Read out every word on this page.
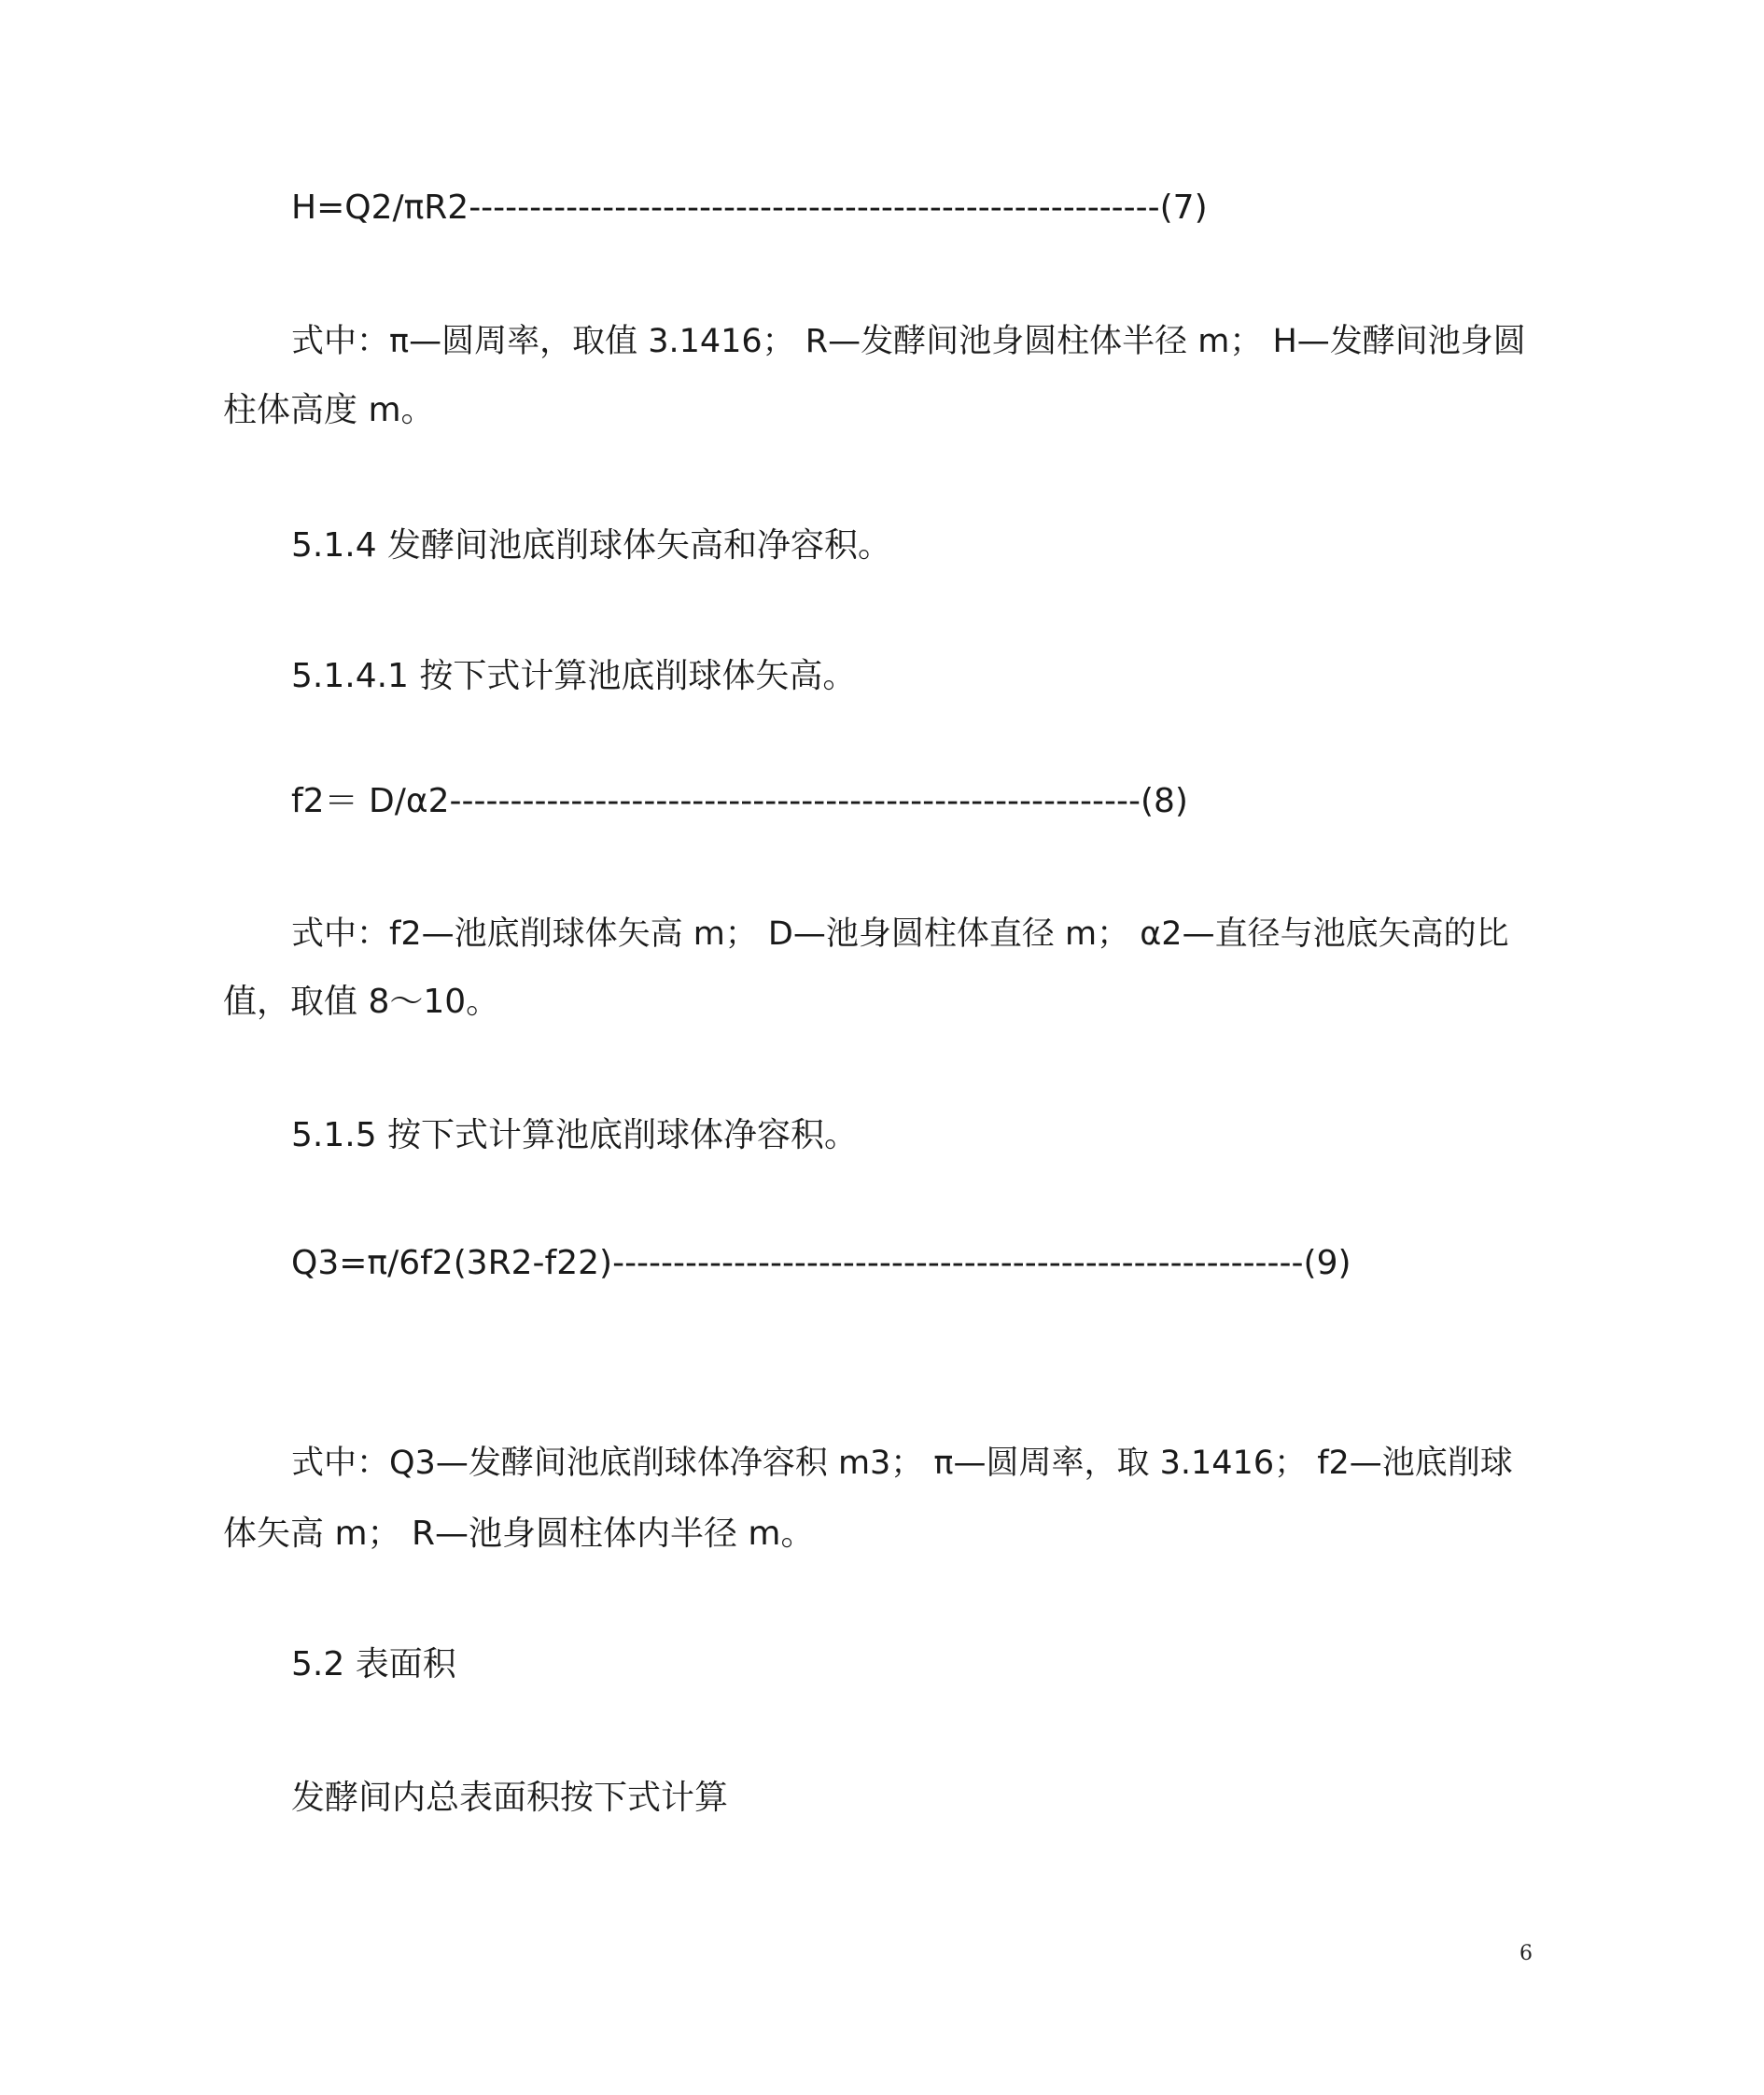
H=Q2/πR2---------------------------------------------------------(7)
式中：π—圆周率，取值 3.1416； R—发酵间池身圆柱体半径 m； H—发酵间池身圆
柱体高度 m。
5.1.4 发酵间池底削球体矢高和净容积。
5.1.4.1 按下式计算池底削球体矢高。
f2＝ D/α2---------------------------------------------------------(8)
式中：f2—池底削球体矢高 m； D—池身圆柱体直径 m； α2—直径与池底矢高的比
值，取值 8～10。
5.1.5 按下式计算池底削球体净容积。
Q3=π/6f2(3R2-f22)---------------------------------------------------------(9)
式中：Q3—发酵间池底削球体净容积 m3； π—圆周率，取 3.1416； f2—池底削球
体矢高 m； R—池身圆柱体内半径 m。
5.2 表面积
发酵间内总表面积按下式计算
6
